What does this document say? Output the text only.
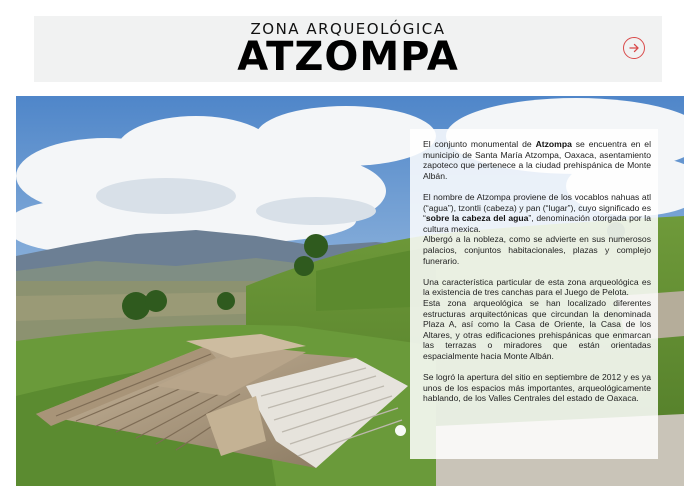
ZONA ARQUEOLÓGICA
ATZOMPA

El conjunto monumental de Atzompa se encuentra en el municipio de Santa María Atzompa, Oaxaca, asentamiento zapoteco que pertenece a la ciudad prehispánica de Monte Albán.

El nombre de Atzompa proviene de los vocablos nahuas atl (“agua”), tzontli (cabeza) y pan (“lugar”), cuyo significado es “sobre la cabeza del agua”, denominación otorgada por la cultura mexica.

Albergó a la nobleza, como se advierte en sus numerosos palacios, conjuntos habitacionales, plazas y complejo funerario.

Una característica particular de esta zona arqueológica es la existencia de tres canchas para el Juego de Pelota.

Esta zona arqueológica se han localizado diferentes estructuras arquitectónicas que circundan la denominada Plaza A, así como la Casa de Oriente, la Casa de los Altares, y otras edificaciones prehispánicas que enmarcan las terrazas o miradores que están orientadas espacialmente hacia Monte Albán.

Se logró la apertura del sitio en septiembre de 2012 y es ya unos de los espacios más importantes, arqueológicamente hablando, de los Valles Centrales del estado de Oaxaca.
